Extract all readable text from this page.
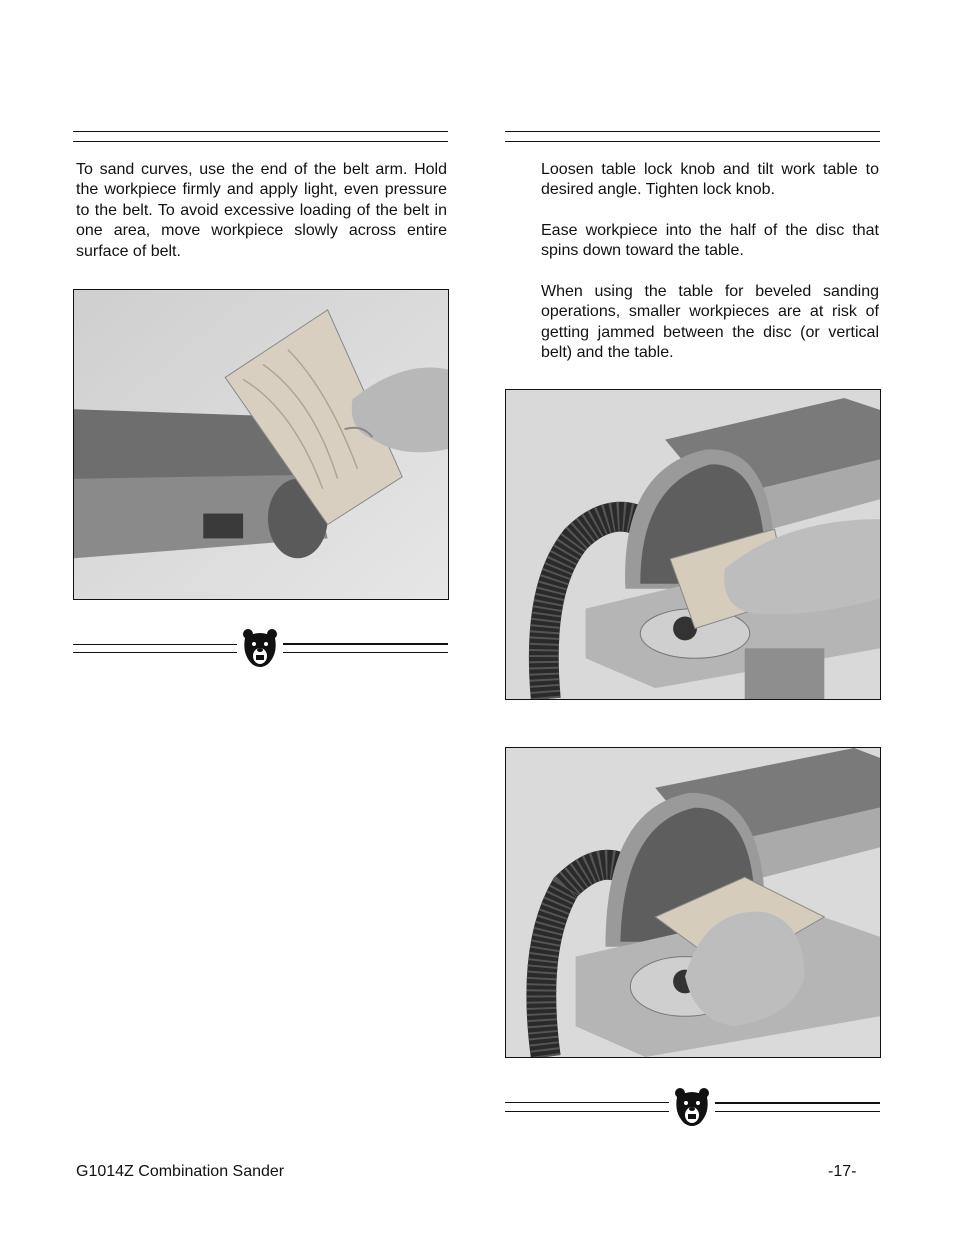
To sand curves, use the end of the belt arm. Hold the workpiece firmly and apply light, even pressure to the belt. To avoid excessive loading of the belt in one area, move workpiece slowly across entire surface of belt.

Loosen table lock knob and tilt work table to desired angle. Tighten lock knob.

Ease workpiece into the half of the disc that spins down toward the table.

When using the table for beveled sanding operations, smaller workpieces are at risk of getting jammed between the disc (or vertical belt) and the table.

G1014Z Combination Sander	-17-
